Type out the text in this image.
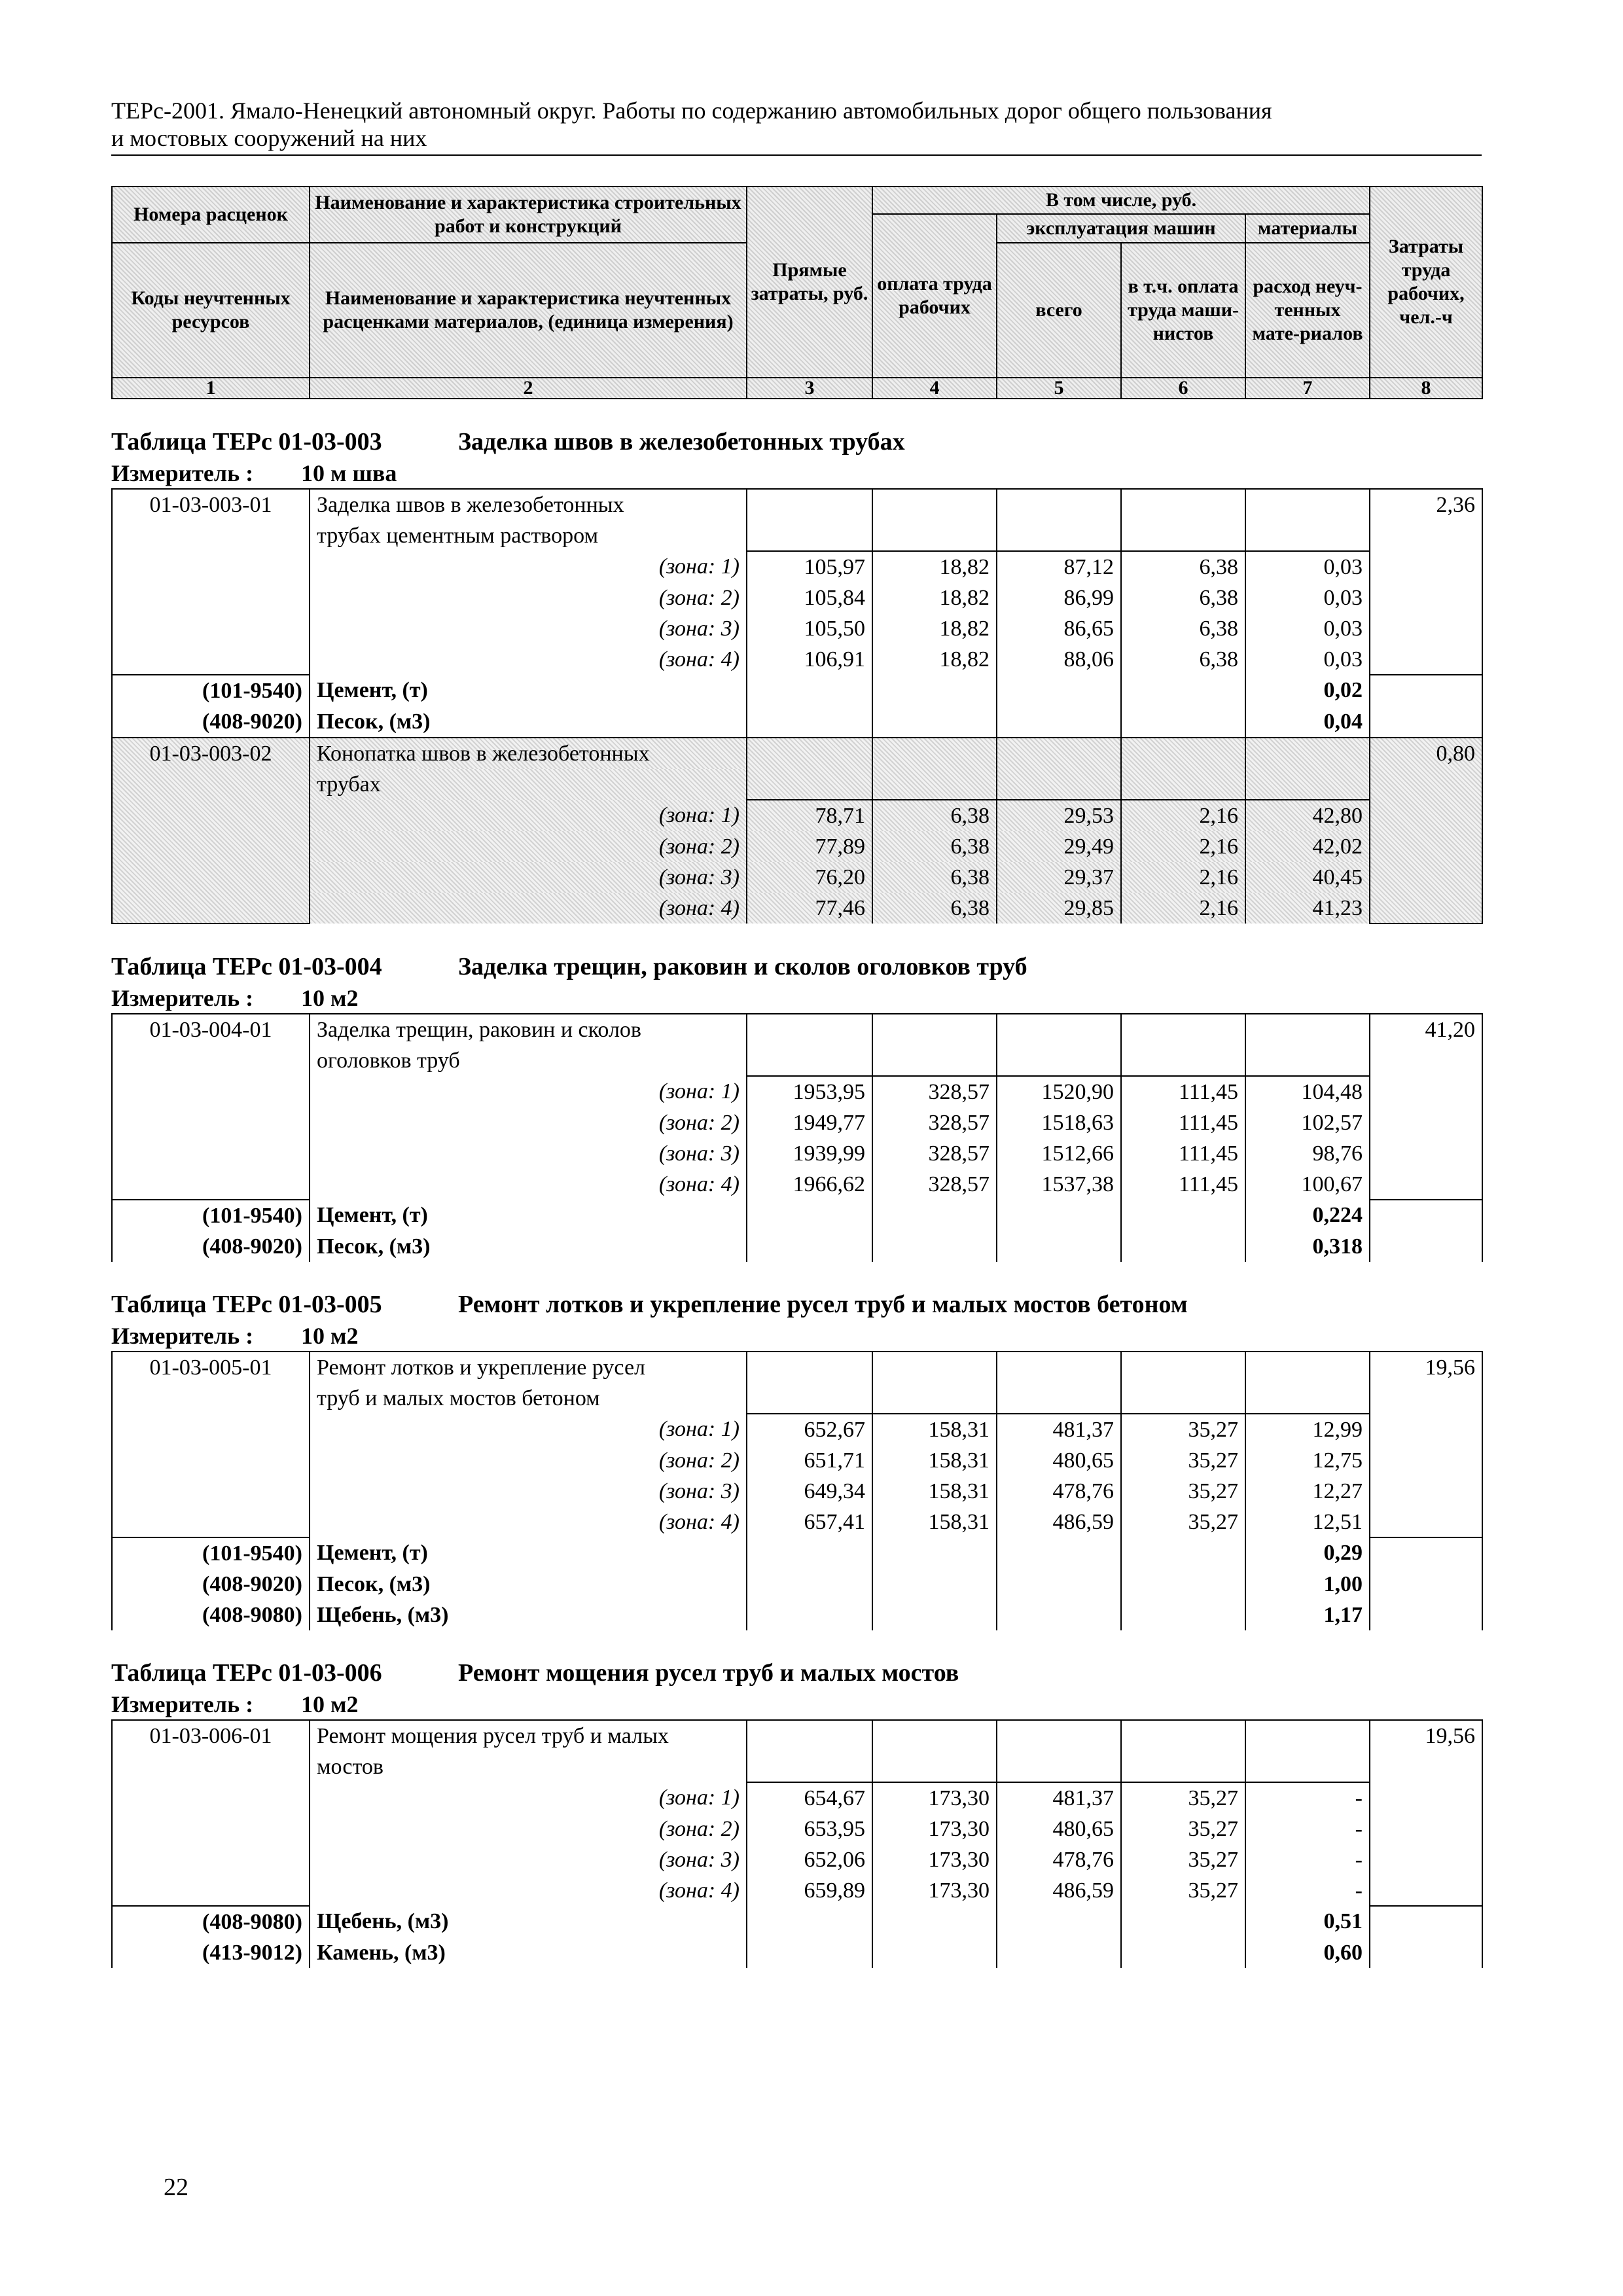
ТЕРс-2001. Ямало-Ненецкий автономный округ. Работы по содержанию автомобильных дорог общего пользования
и мостовых сооружений на них
Номера расценок	Наименование и характеристика строительных работ и конструкций	Прямые затраты, руб.	В том числе, руб.				Затраты труда рабочих, чел.-ч
			оплата труда рабочих	эксплуатация машин		материалы	
Коды неучтенных ресурсов	Наименование и характеристика неучтенных расценками материалов, (единица измерения)			всего	в т.ч. оплата труда маши-нистов	расход неуч-тенных мате-риалов	

1	2	3	4	5	6	7	8
Таблица ТЕРс 01-03-003	Заделка швов в железобетонных трубах
Измеритель :	10 м шва
01-03-003-01	Заделка швов в железобетонных						2,36
	трубах цементным раствором						
	(зона: 1)	105,97	18,82	87,12	6,38	0,03	
	(зона: 2)	105,84	18,82	86,99	6,38	0,03	
	(зона: 3)	105,50	18,82	86,65	6,38	0,03	
	(зона: 4)	106,91	18,82	88,06	6,38	0,03	
(101-9540)	Цемент, (т)					0,02	
(408-9020)	Песок, (м3)					0,04	
01-03-003-02	Конопатка швов в железобетонных						0,80
	трубах						
	(зона: 1)	78,71	6,38	29,53	2,16	42,80	
	(зона: 2)	77,89	6,38	29,49	2,16	42,02	
	(зона: 3)	76,20	6,38	29,37	2,16	40,45	
	(зона: 4)	77,46	6,38	29,85	2,16	41,23	
Таблица ТЕРс 01-03-004	Заделка трещин, раковин и сколов оголовков труб
Измеритель :	10 м2
01-03-004-01	Заделка трещин, раковин и сколов						41,20
	оголовков труб						
	(зона: 1)	1953,95	328,57	1520,90	111,45	104,48	
	(зона: 2)	1949,77	328,57	1518,63	111,45	102,57	
	(зона: 3)	1939,99	328,57	1512,66	111,45	98,76	
	(зона: 4)	1966,62	328,57	1537,38	111,45	100,67	
(101-9540)	Цемент, (т)					0,224	
(408-9020)	Песок, (м3)					0,318	
Таблица ТЕРс 01-03-005	Ремонт лотков и укрепление русел труб и малых мостов бетоном
Измеритель :	10 м2
01-03-005-01	Ремонт лотков и укрепление русел						19,56
	труб и малых мостов бетоном						
	(зона: 1)	652,67	158,31	481,37	35,27	12,99	
	(зона: 2)	651,71	158,31	480,65	35,27	12,75	
	(зона: 3)	649,34	158,31	478,76	35,27	12,27	
	(зона: 4)	657,41	158,31	486,59	35,27	12,51	
(101-9540)	Цемент, (т)					0,29	
(408-9020)	Песок, (м3)					1,00	
(408-9080)	Щебень, (м3)					1,17	
Таблица ТЕРс 01-03-006	Ремонт мощения русел труб и малых мостов
Измеритель :	10 м2
01-03-006-01	Ремонт мощения русел труб и малых						19,56
	мостов						
	(зона: 1)	654,67	173,30	481,37	35,27	-	
	(зона: 2)	653,95	173,30	480,65	35,27	-	
	(зона: 3)	652,06	173,30	478,76	35,27	-	
	(зона: 4)	659,89	173,30	486,59	35,27	-	
(408-9080)	Щебень, (м3)					0,51	
(413-9012)	Камень, (м3)					0,60	
22
